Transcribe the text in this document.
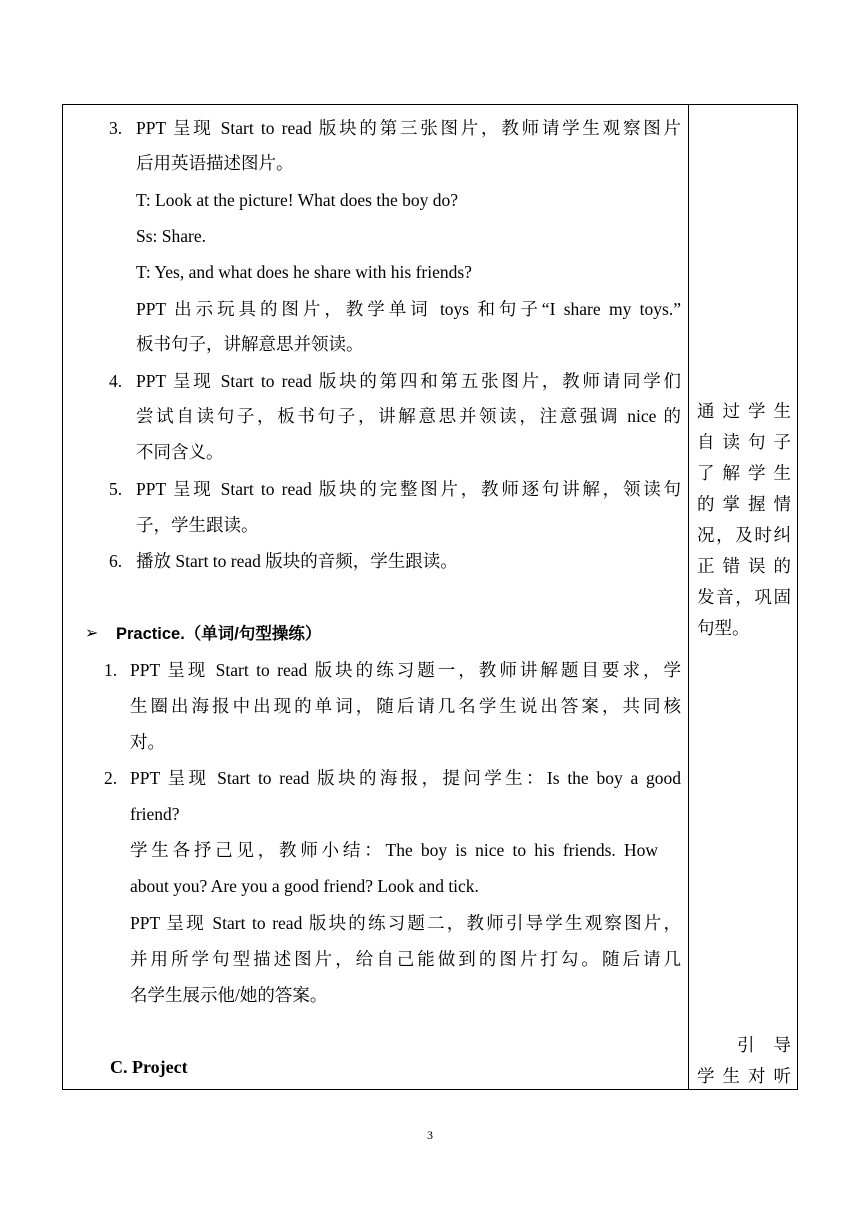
3. PPT 呈现 Start to read 版块的第三张图片，教师请学生观察图片
后用英语描述图片。
T: Look at the picture! What does the boy do?
Ss: Share.
T: Yes, and what does he share with his friends?
PPT 出示玩具的图片，教学单词 toys 和句子“I share my toys.”
板书句子，讲解意思并领读。
4. PPT 呈现 Start to read 版块的第四和第五张图片，教师请同学们
尝试自读句子，板书句子，讲解意思并领读，注意强调 nice 的
不同含义。
5. PPT 呈现 Start to read 版块的完整图片，教师逐句讲解，领读句
子，学生跟读。
6. 播放 Start to read 版块的音频，学生跟读。
➢ Practice.（单词/句型操练）
1. PPT 呈现 Start to read 版块的练习题一，教师讲解题目要求，学
生圈出海报中出现的单词，随后请几名学生说出答案，共同核
对。
2. PPT 呈现 Start to read 版块的海报，提问学生：Is the boy a good
friend?
学生各抒己见，教师小结：The boy is nice to his friends. How
about you? Are you a good friend? Look and tick.
PPT 呈现 Start to read 版块的练习题二，教师引导学生观察图片，
并用所学句型描述图片，给自己能做到的图片打勾。随后请几
名学生展示他/她的答案。
C. Project
通过学生
自读句子
了解学生
的掌握情
况，及时纠
正错误的
发音，巩固
句型。
引导
学生对听
3
